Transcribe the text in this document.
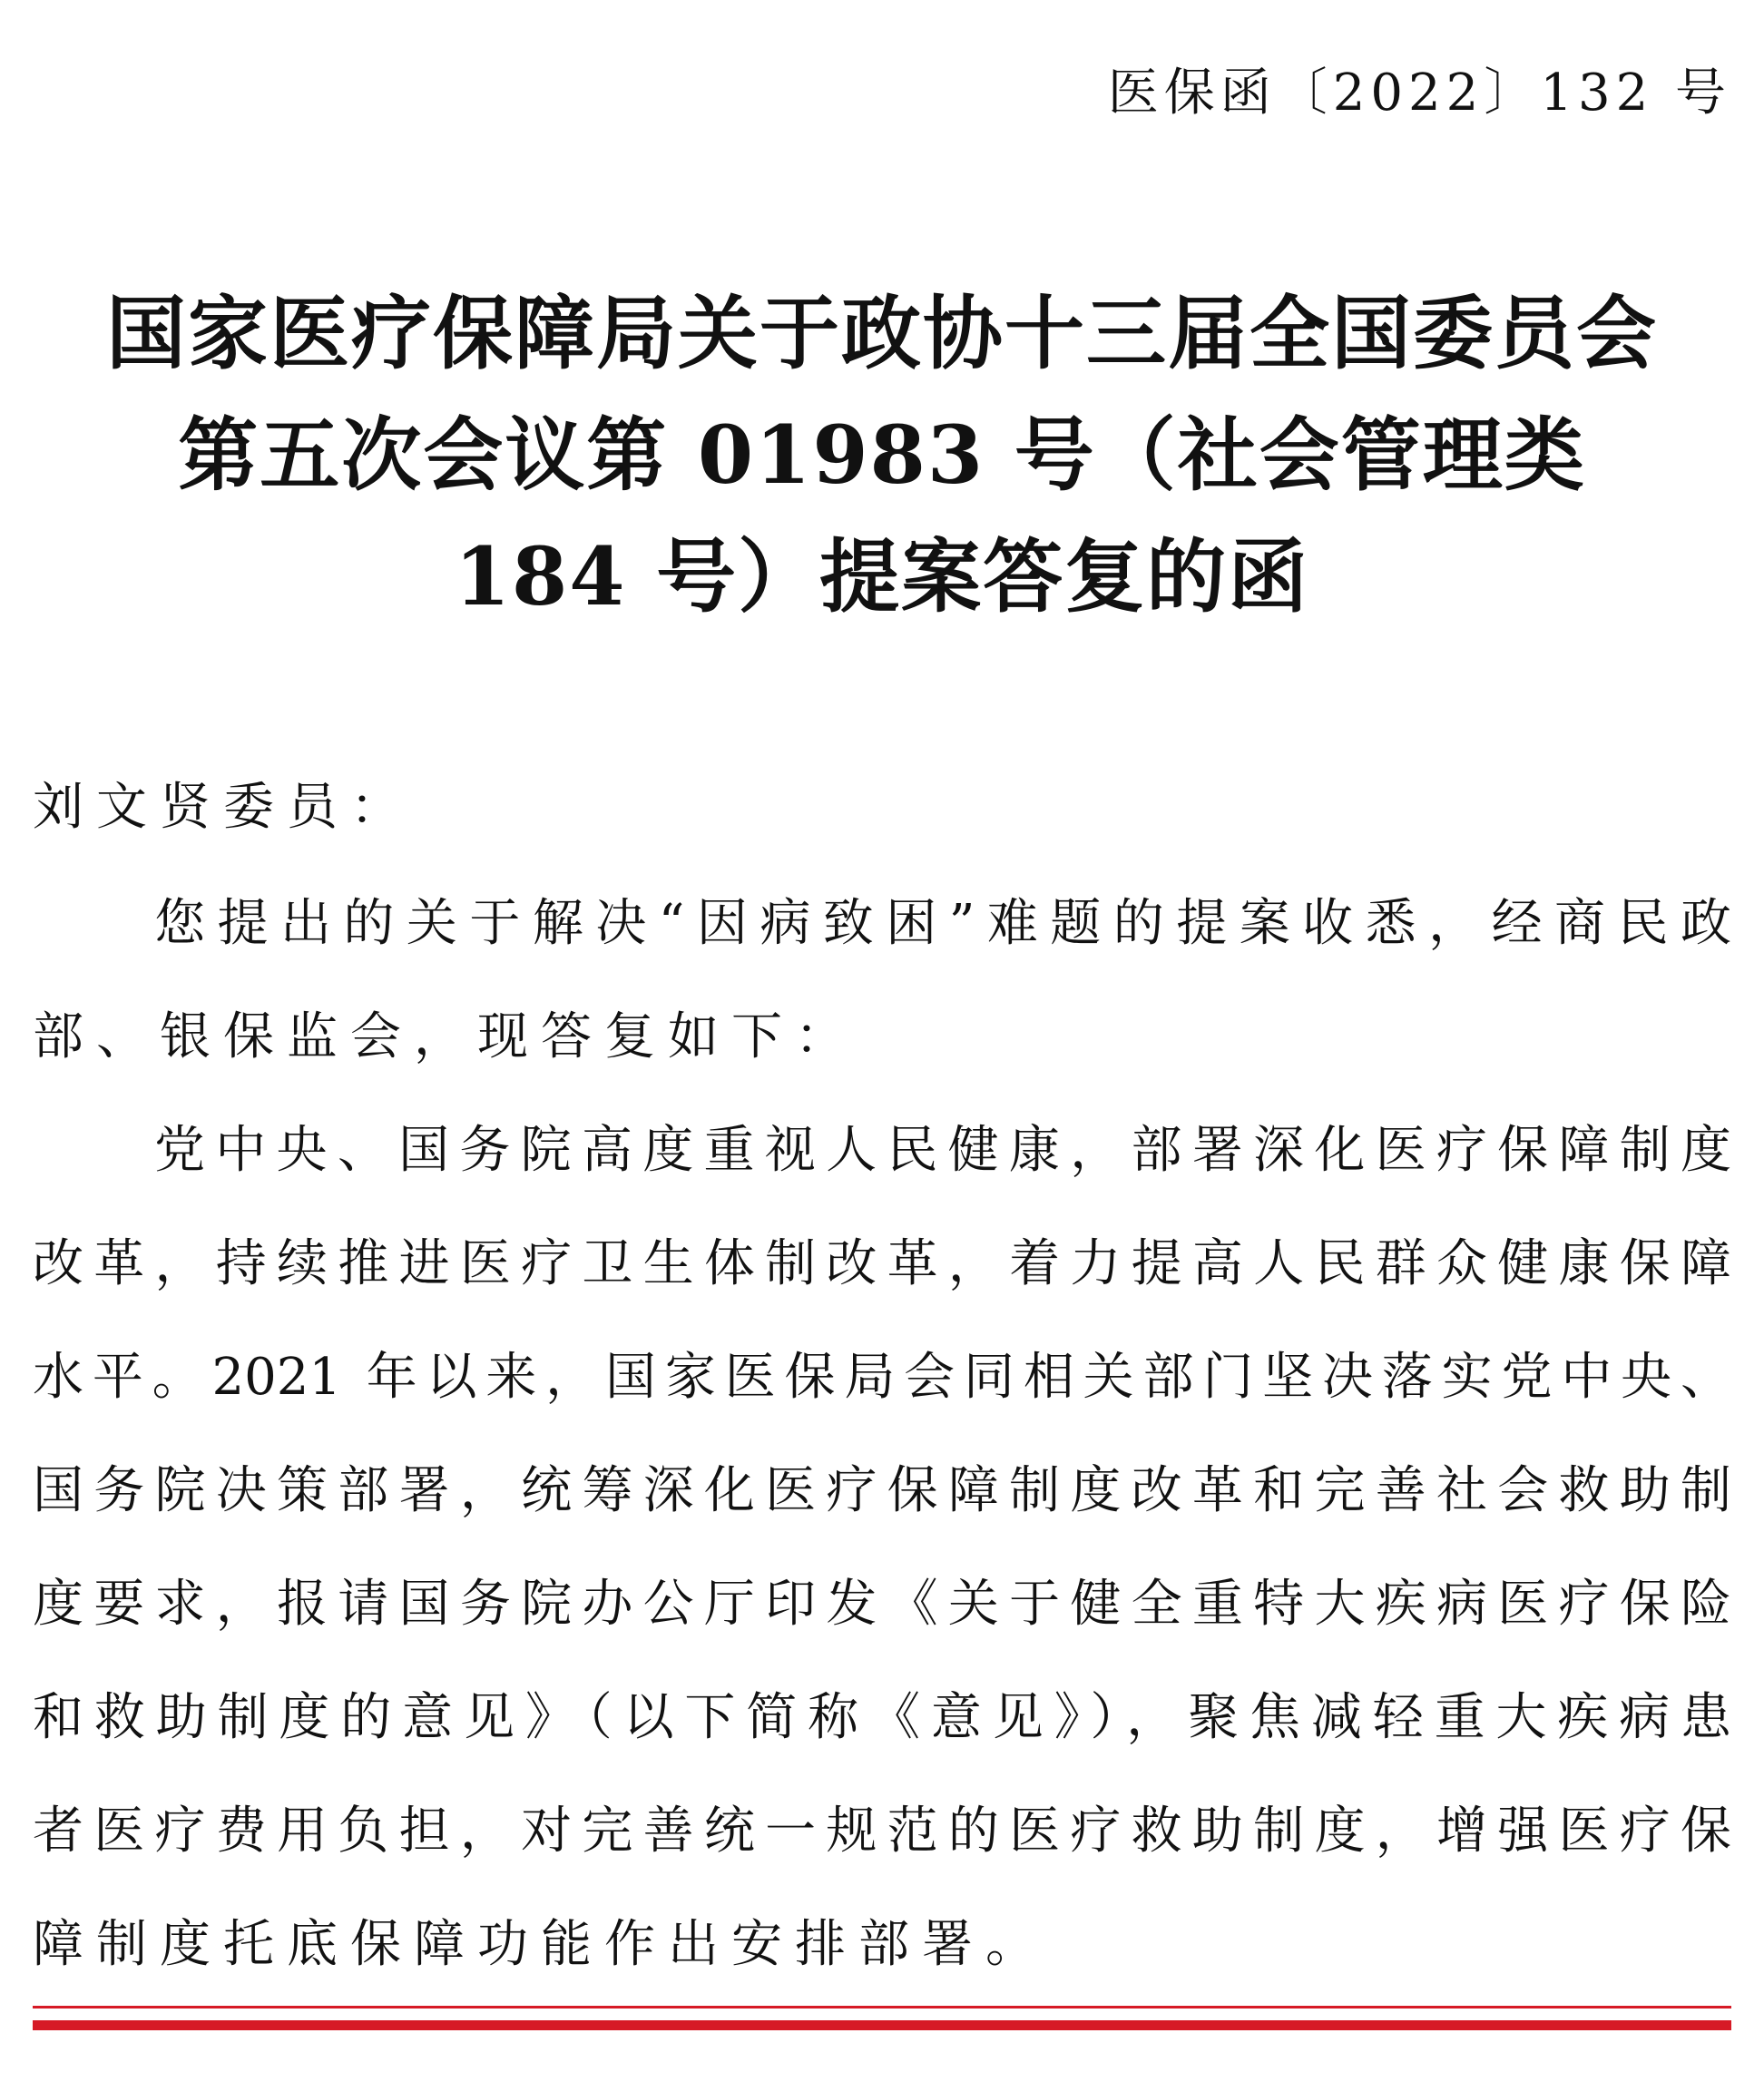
医保函〔2022〕132 号
国家医疗保障局关于政协十三届全国委员会
第五次会议第 01983 号（社会管理类
184 号）提案答复的函
刘文贤委员：
您提出的关于解决“因病致困”难题的提案收悉，经商民政
部、银保监会，现答复如下：
党中央、国务院高度重视人民健康，部署深化医疗保障制度
改革，持续推进医疗卫生体制改革，着力提高人民群众健康保障
水平。2021 年以来，国家医保局会同相关部门坚决落实党中央、
国务院决策部署，统筹深化医疗保障制度改革和完善社会救助制
度要求，报请国务院办公厅印发《关于健全重特大疾病医疗保险
和救助制度的意见》（以下简称《意见》），聚焦减轻重大疾病患
者医疗费用负担，对完善统一规范的医疗救助制度，增强医疗保
障制度托底保障功能作出安排部署。
